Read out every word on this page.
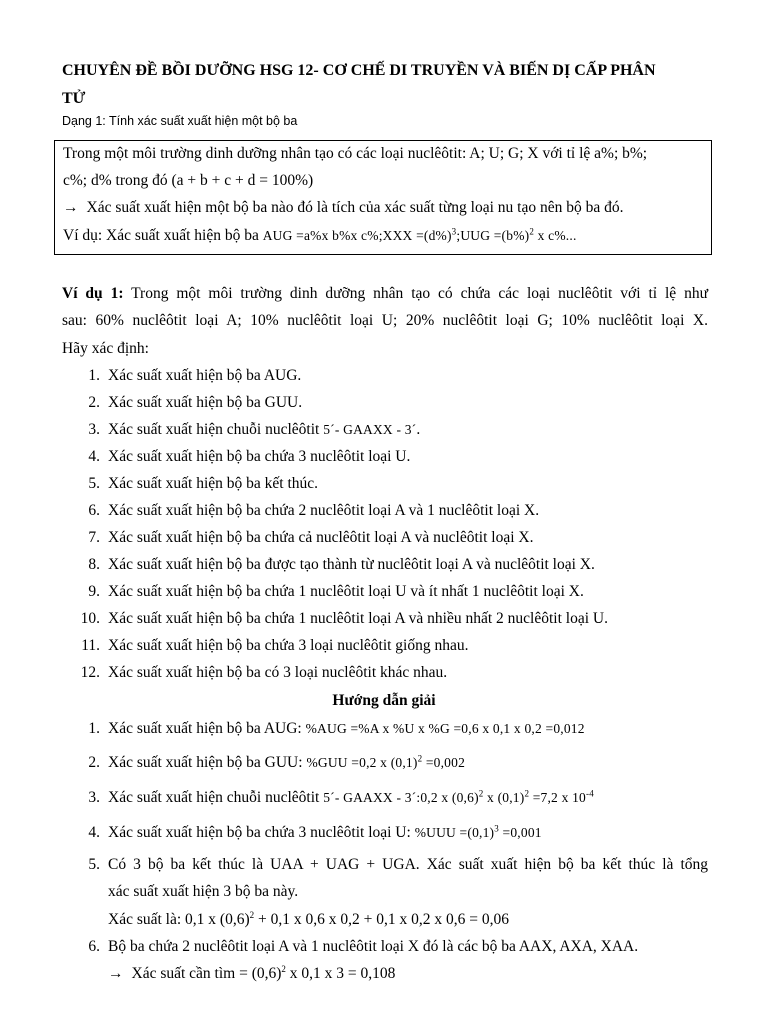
CHUYÊN ĐỀ BỒI DƯỠNG HSG 12- CƠ CHẾ DI TRUYỀN VÀ BIẾN DỊ CẤP PHÂN
TỬ
Dạng 1: Tính xác suất xuất hiện một bộ ba
Trong một môi trường dinh dưỡng nhân tạo có các loại nuclêôtit: A; U; G; X với tỉ lệ a%; b%;
c%; d% trong đó (a + b + c + d = 100%)
→ Xác suất xuất hiện một bộ ba nào đó là tích của xác suất từng loại nu tạo nên bộ ba đó.
Ví dụ: Xác suất xuất hiện bộ ba AUG =a%x b%x c%;XXX $=(d\%)^3;UUG =(b\%)^2$ x c%...
Ví dụ 1: Trong một môi trường dinh dưỡng nhân tạo có chứa các loại nuclêôtit với tỉ lệ như
sau: 60% nuclêôtit loại A; 10% nuclêôtit loại U; 20% nuclêôtit loại G; 10% nuclêôtit loại X.
Hãy xác định:
1. Xác suất xuất hiện bộ ba AUG.
2. Xác suất xuất hiện bộ ba GUU.
3. Xác suất xuất hiện chuỗi nuclêôtit 5´- GAAXX - 3´.
4. Xác suất xuất hiện bộ ba chứa 3 nuclêôtit loại U.
5. Xác suất xuất hiện bộ ba kết thúc.
6. Xác suất xuất hiện bộ ba chứa 2 nuclêôtit loại A và 1 nuclêôtit loại X.
7. Xác suất xuất hiện bộ ba chứa cả nuclêôtit loại A và nuclêôtit loại X.
8. Xác suất xuất hiện bộ ba được tạo thành từ nuclêôtit loại A và nuclêôtit loại X.
9. Xác suất xuất hiện bộ ba chứa 1 nuclêôtit loại U và ít nhất 1 nuclêôtit loại X.
10. Xác suất xuất hiện bộ ba chứa 1 nuclêôtit loại A và nhiều nhất 2 nuclêôtit loại U.
11. Xác suất xuất hiện bộ ba chứa 3 loại nuclêôtit giống nhau.
12. Xác suất xuất hiện bộ ba có 3 loại nuclêôtit khác nhau.
Hướng dẫn giải
1. Xác suất xuất hiện bộ ba AUG: %AUG =%A x %U x %G =0,6 x 0,1 x 0,2 =0,012
2. Xác suất xuất hiện bộ ba GUU: %GUU =0,2 x $(0,1)^2 =0,002$
3. Xác suất xuất hiện chuỗi nuclêôtit 5´- GAAXX - 3´:0,2 x $(0,6)^2$ x $(0,1)^2 =7,2$ x $10^{-4}$
4. Xác suất xuất hiện bộ ba chứa 3 nuclêôtit loại U: $\%UUU =(0,1)^3 =0,001$
5. Có 3 bộ ba kết thúc là UAA + UAG + UGA. Xác suất xuất hiện bộ ba kết thúc là tổng
xác suất xuất hiện 3 bộ ba này.
Xác suất là: 0,1 x $(0,6)^2 + 0,1$ x 0,6 x 0,2 + 0,1 x 0,2 x 0,6 = 0,06
6. Bộ ba chứa 2 nuclêôtit loại A và 1 nuclêôtit loại X đó là các bộ ba AAX, AXA, XAA.
→ Xác suất cần tìm = $(0,6)^2$ x 0,1 x 3 = 0,108
